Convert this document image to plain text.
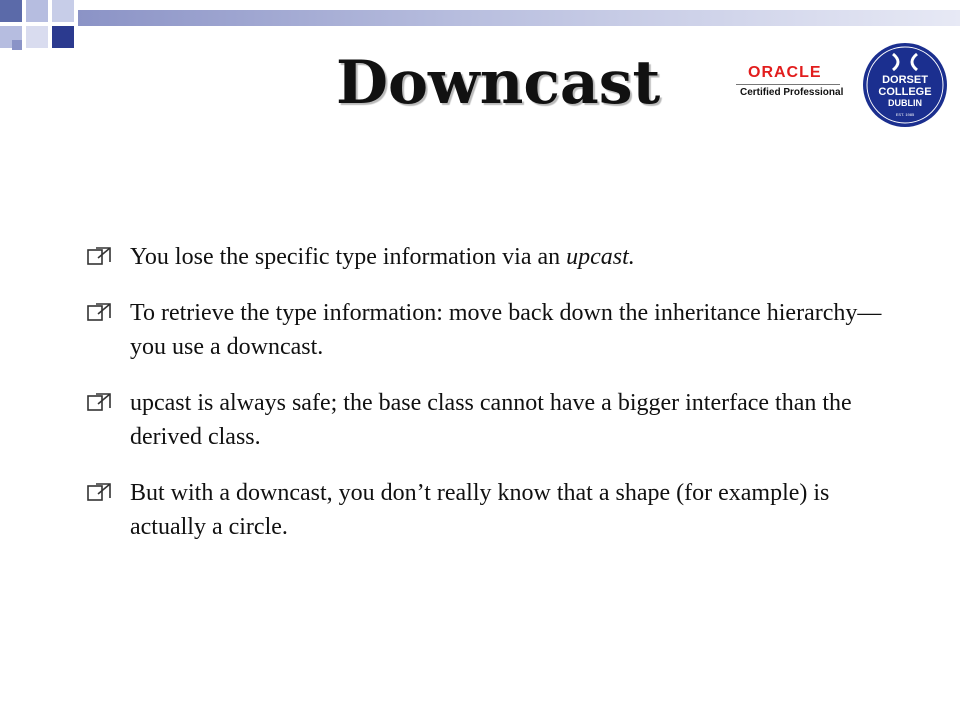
Downcast	ORACLE
Certified Professional
DORSET
COLLEGE
DUBLIN
EST. 1985
You lose the specific type information via an upcast.
To retrieve the type information: move back down the inheritance hierarchy—you use a downcast.
upcast is always safe; the base class cannot have a bigger interface than the derived class.
But with a downcast, you don’t really know that a shape (for example) is actually a circle.
